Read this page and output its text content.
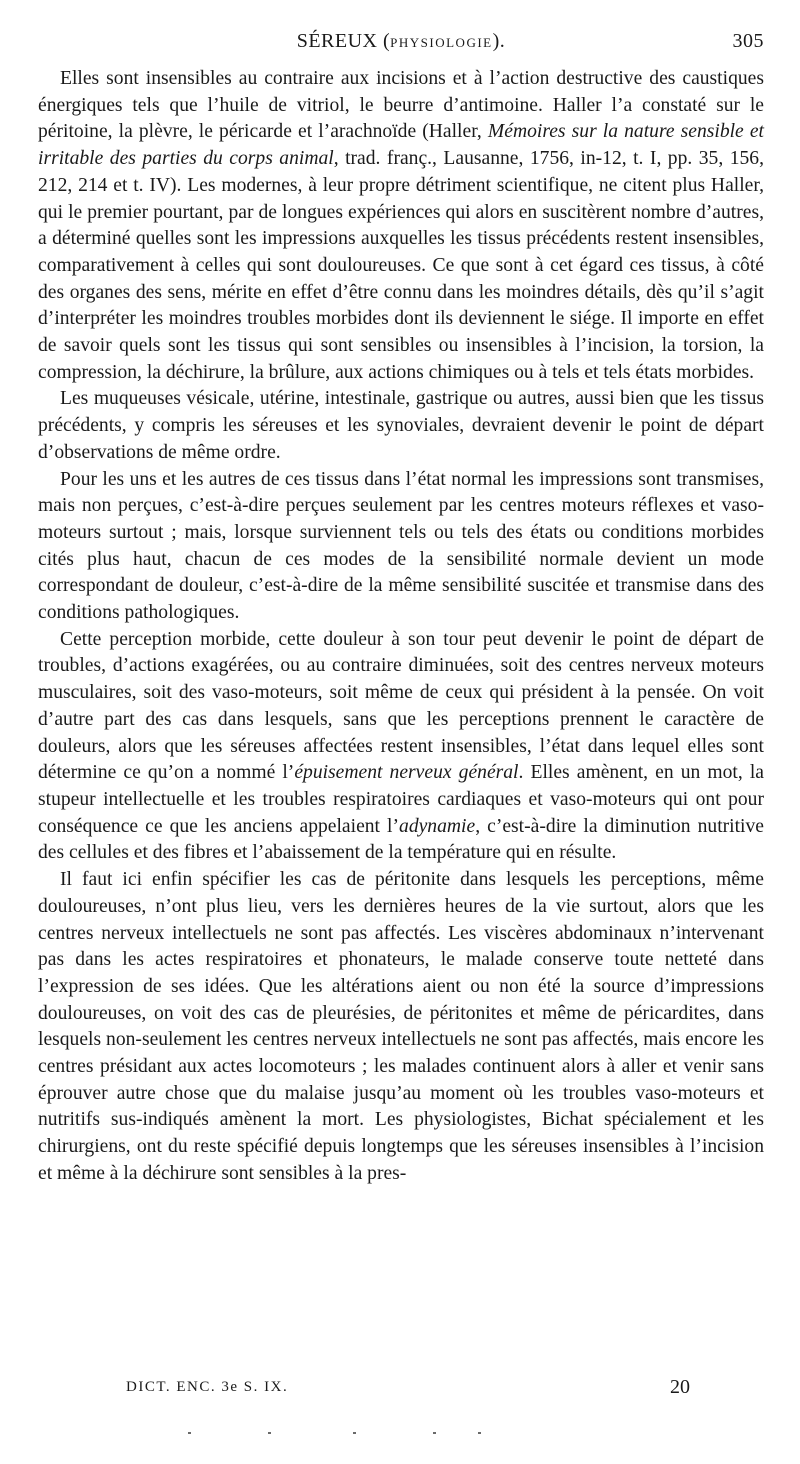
SÉREUX (PHYSIOLOGIE).	305

Elles sont insensibles au contraire aux incisions et à l’action destructive des caustiques énergiques tels que l’huile de vitriol, le beurre d’antimoine. Haller l’a constaté sur le péritoine, la plèvre, le péricarde et l’arachnoïde (Haller, Mémoires sur la nature sensible et irritable des parties du corps animal, trad. franç., Lausanne, 1756, in-12, t. I, pp. 35, 156, 212, 214 et t. IV). Les modernes, à leur propre détriment scientifique, ne citent plus Haller, qui le premier pourtant, par de longues expériences qui alors en suscitèrent nombre d’autres, a déterminé quelles sont les impressions auxquelles les tissus précédents restent insensibles, comparativement à celles qui sont douloureuses. Ce que sont à cet égard ces tissus, à côté des organes des sens, mérite en effet d’être connu dans les moindres détails, dès qu’il s’agit d’interpréter les moindres troubles morbides dont ils deviennent le siége. Il importe en effet de savoir quels sont les tissus qui sont sensibles ou insensibles à l’incision, la torsion, la compression, la déchirure, la brûlure, aux actions chimiques ou à tels et tels états morbides.

Les muqueuses vésicale, utérine, intestinale, gastrique ou autres, aussi bien que les tissus précédents, y compris les séreuses et les synoviales, devraient devenir le point de départ d’observations de même ordre.

Pour les uns et les autres de ces tissus dans l’état normal les impressions sont transmises, mais non perçues, c’est-à-dire perçues seulement par les centres moteurs réflexes et vaso-moteurs surtout ; mais, lorsque surviennent tels ou tels des états ou conditions morbides cités plus haut, chacun de ces modes de la sensibilité normale devient un mode correspondant de douleur, c’est-à-dire de la même sensibilité suscitée et transmise dans des conditions pathologiques.

Cette perception morbide, cette douleur à son tour peut devenir le point de départ de troubles, d’actions exagérées, ou au contraire diminuées, soit des centres nerveux moteurs musculaires, soit des vaso-moteurs, soit même de ceux qui président à la pensée. On voit d’autre part des cas dans lesquels, sans que les perceptions prennent le caractère de douleurs, alors que les séreuses affectées restent insensibles, l’état dans lequel elles sont détermine ce qu’on a nommé l’épuisement nerveux général. Elles amènent, en un mot, la stupeur intellectuelle et les troubles respiratoires cardiaques et vaso-moteurs qui ont pour conséquence ce que les anciens appelaient l’adynamie, c’est-à-dire la diminution nutritive des cellules et des fibres et l’abaissement de la température qui en résulte.

Il faut ici enfin spécifier les cas de péritonite dans lesquels les perceptions, même douloureuses, n’ont plus lieu, vers les dernières heures de la vie surtout, alors que les centres nerveux intellectuels ne sont pas affectés. Les viscères abdominaux n’intervenant pas dans les actes respiratoires et phonateurs, le malade conserve toute netteté dans l’expression de ses idées. Que les altérations aient ou non été la source d’impressions douloureuses, on voit des cas de pleurésies, de péritonites et même de péricardites, dans lesquels non-seulement les centres nerveux intellectuels ne sont pas affectés, mais encore les centres présidant aux actes locomoteurs ; les malades continuent alors à aller et venir sans éprouver autre chose que du malaise jusqu’au moment où les troubles vaso-moteurs et nutritifs sus-indiqués amènent la mort. Les physiologistes, Bichat spécialement et les chirurgiens, ont du reste spécifié depuis longtemps que les séreuses insensibles à l’incision et même à la déchirure sont sensibles à la pres-

DICT. ENC. 3e S. IX.	20
